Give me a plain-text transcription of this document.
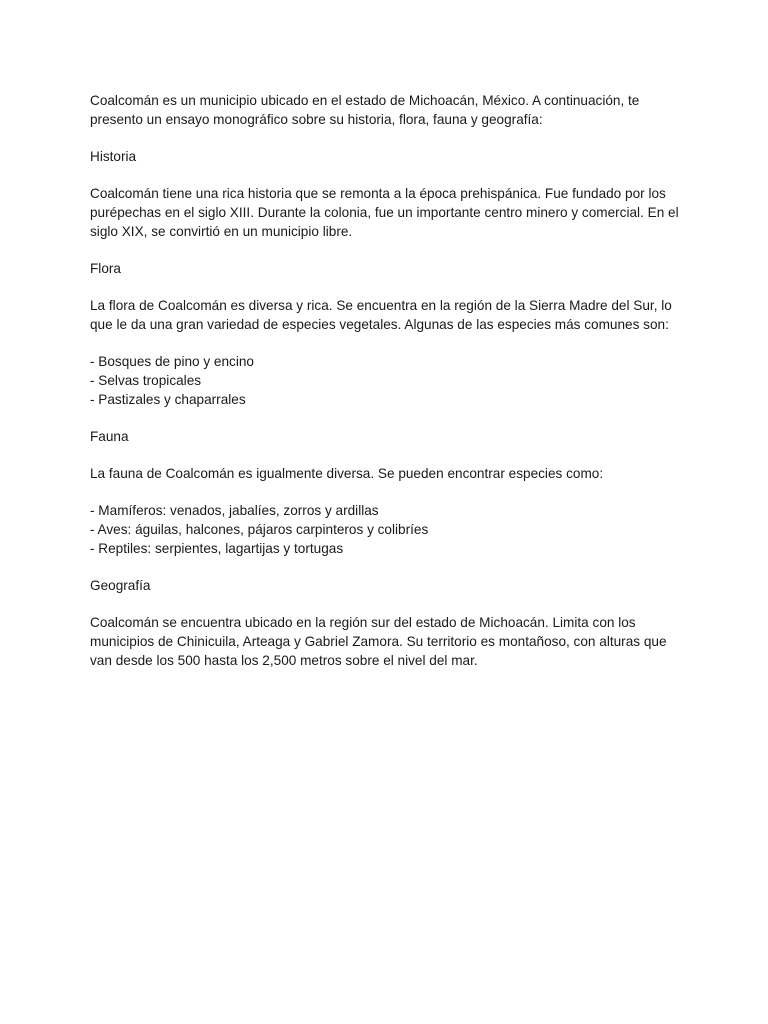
Coalcomán es un municipio ubicado en el estado de Michoacán, México. A continuación, te presento un ensayo monográfico sobre su historia, flora, fauna y geografía:

Historia

Coalcomán tiene una rica historia que se remonta a la época prehispánica. Fue fundado por los purépechas en el siglo XIII. Durante la colonia, fue un importante centro minero y comercial. En el siglo XIX, se convirtió en un municipio libre.

Flora

La flora de Coalcomán es diversa y rica. Se encuentra en la región de la Sierra Madre del Sur, lo que le da una gran variedad de especies vegetales. Algunas de las especies más comunes son:

- Bosques de pino y encino
- Selvas tropicales
- Pastizales y chaparrales

Fauna

La fauna de Coalcomán es igualmente diversa. Se pueden encontrar especies como:

- Mamíferos: venados, jabalíes, zorros y ardillas
- Aves: águilas, halcones, pájaros carpinteros y colibríes
- Reptiles: serpientes, lagartijas y tortugas

Geografía

Coalcomán se encuentra ubicado en la región sur del estado de Michoacán. Limita con los municipios de Chinicuila, Arteaga y Gabriel Zamora. Su territorio es montañoso, con alturas que van desde los 500 hasta los 2,500 metros sobre el nivel del mar.
